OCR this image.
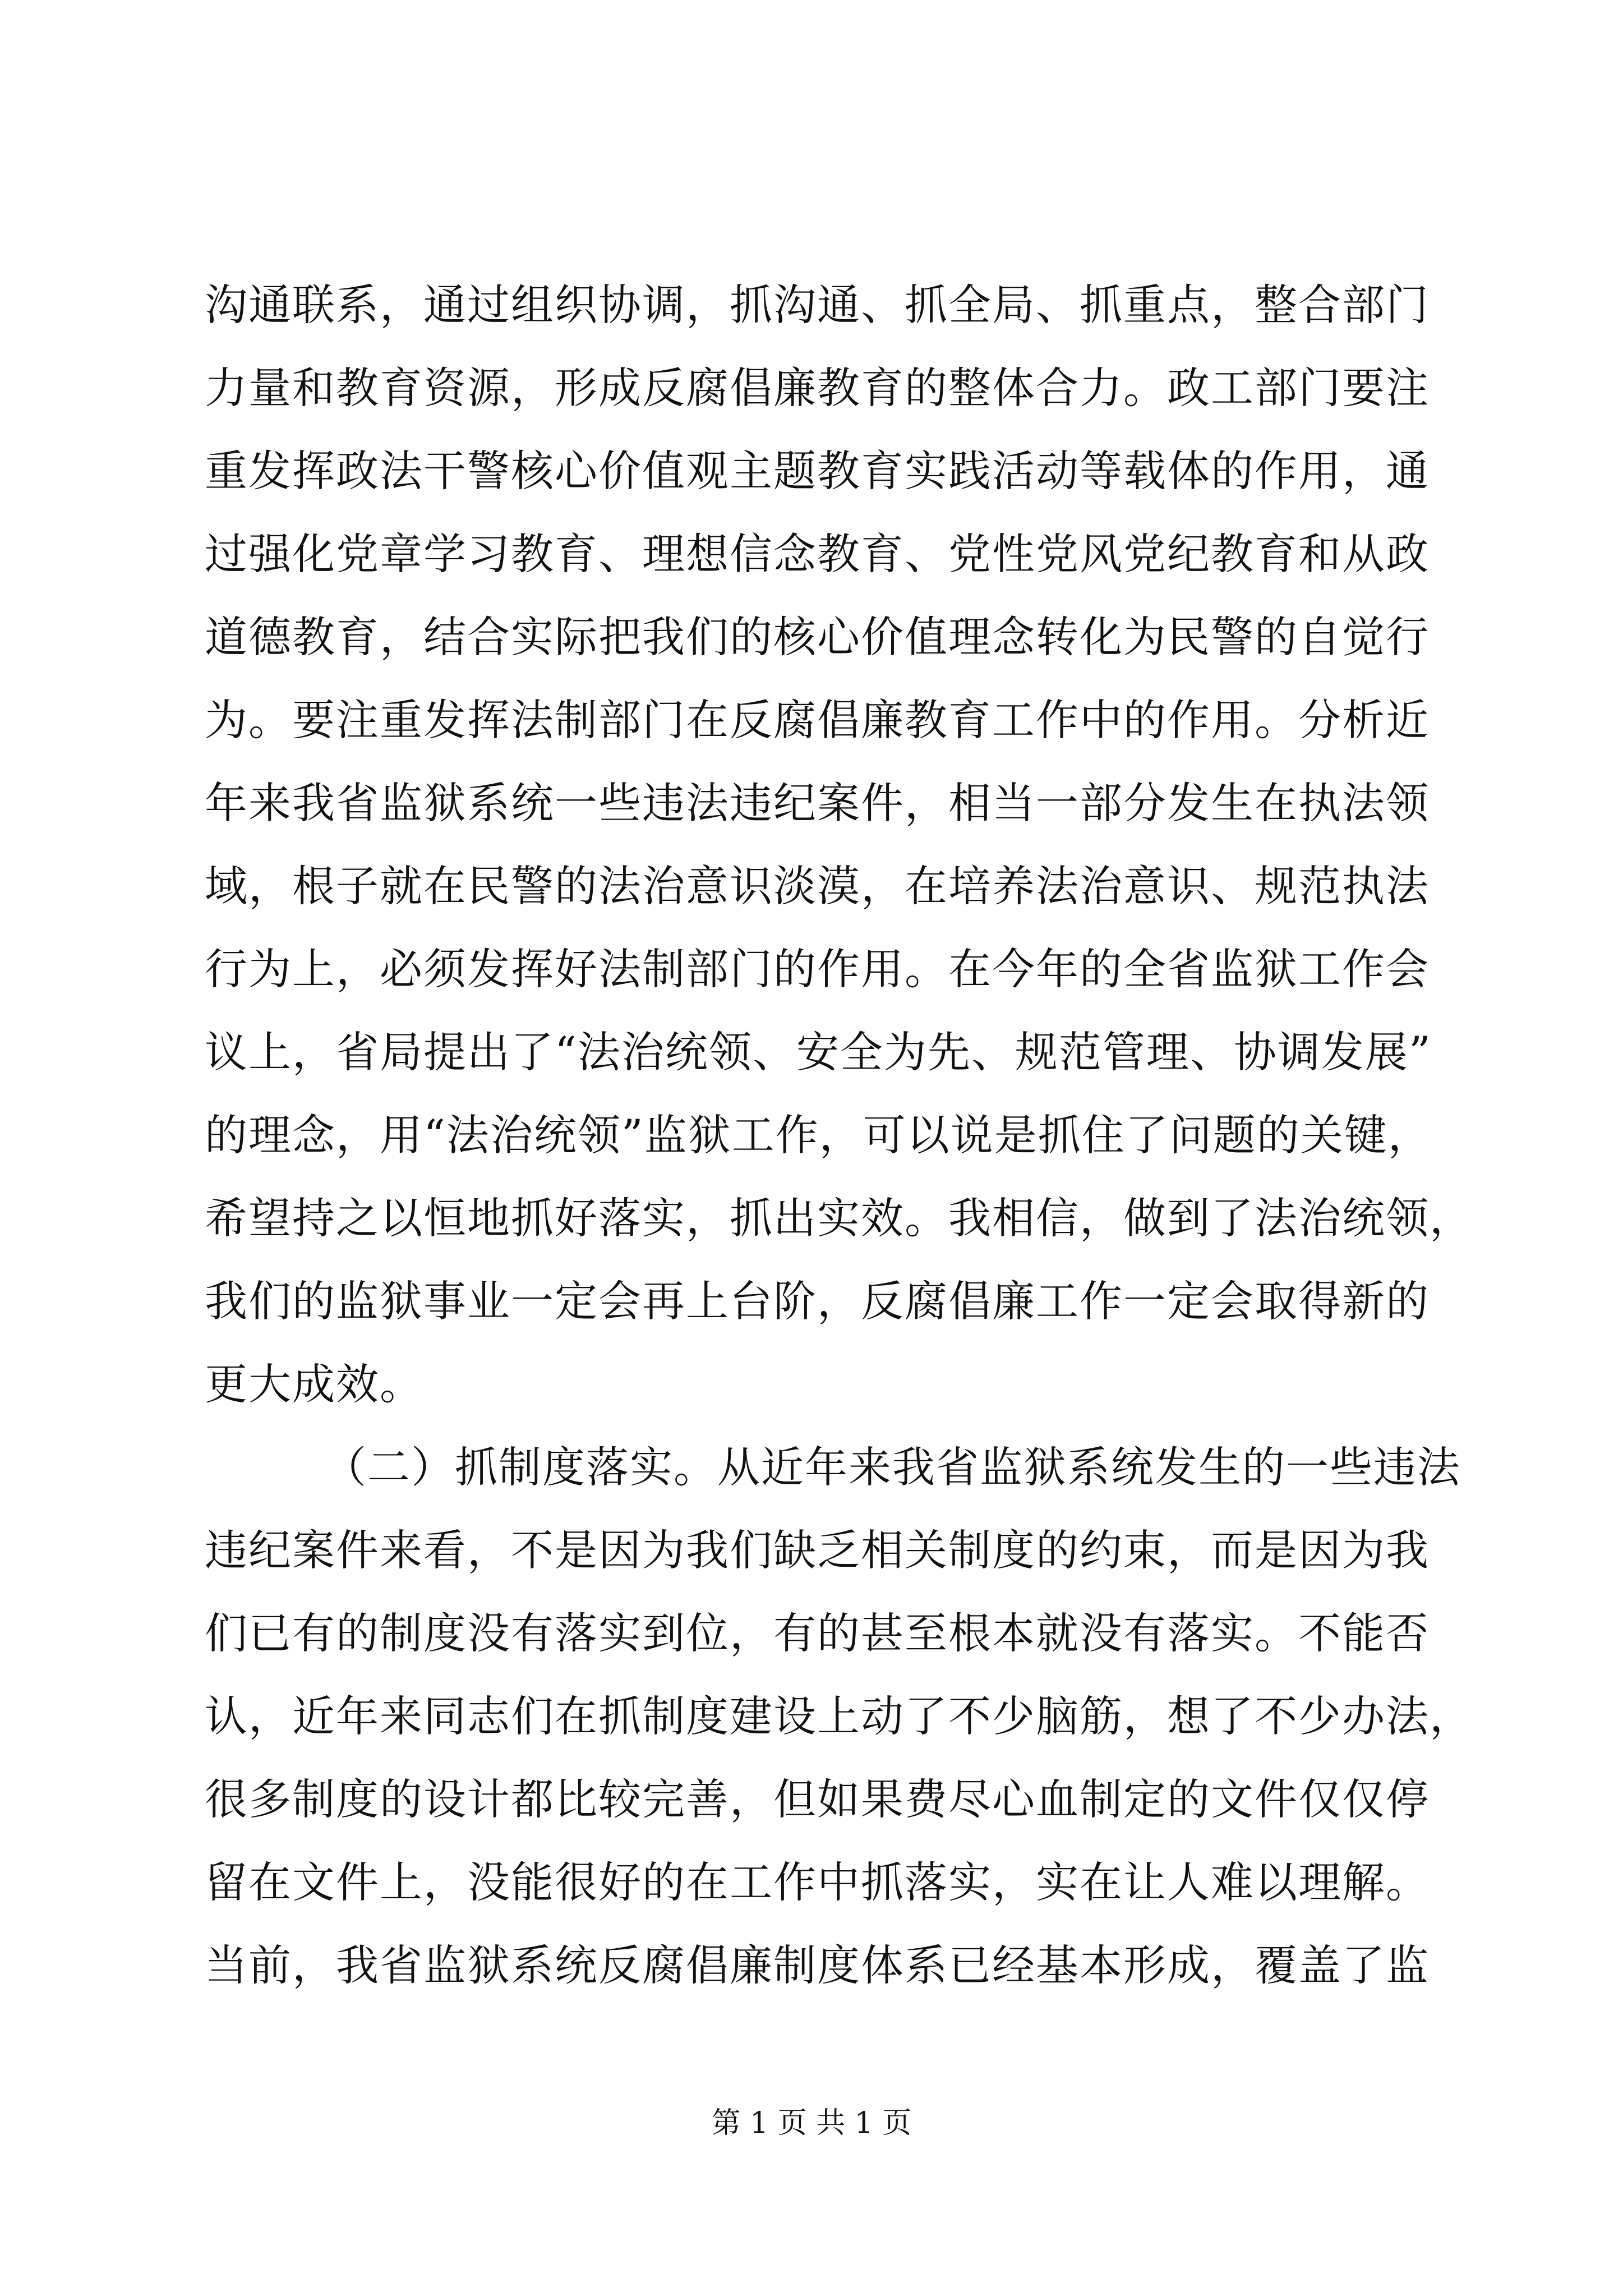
沟通联系，通过组织协调，抓沟通、抓全局、抓重点，整合部门
力量和教育资源，形成反腐倡廉教育的整体合力。政工部门要注
重发挥政法干警核心价值观主题教育实践活动等载体的作用，通
过强化党章学习教育、理想信念教育、党性党风党纪教育和从政
道德教育，结合实际把我们的核心价值理念转化为民警的自觉行
为。要注重发挥法制部门在反腐倡廉教育工作中的作用。分析近
年来我省监狱系统一些违法违纪案件，相当一部分发生在执法领
域，根子就在民警的法治意识淡漠，在培养法治意识、规范执法
行为上，必须发挥好法制部门的作用。在今年的全省监狱工作会
议上，省局提出了“法治统领、安全为先、规范管理、协调发展”
的理念，用“法治统领”监狱工作，可以说是抓住了问题的关键，
希望持之以恒地抓好落实，抓出实效。我相信，做到了法治统领，
我们的监狱事业一定会再上台阶，反腐倡廉工作一定会取得新的
更大成效。
（二）抓制度落实。从近年来我省监狱系统发生的一些违法
违纪案件来看，不是因为我们缺乏相关制度的约束，而是因为我
们已有的制度没有落实到位，有的甚至根本就没有落实。不能否
认，近年来同志们在抓制度建设上动了不少脑筋，想了不少办法，
很多制度的设计都比较完善，但如果费尽心血制定的文件仅仅停
留在文件上，没能很好的在工作中抓落实，实在让人难以理解。
当前，我省监狱系统反腐倡廉制度体系已经基本形成，覆盖了监
第 1 页 共 1 页
